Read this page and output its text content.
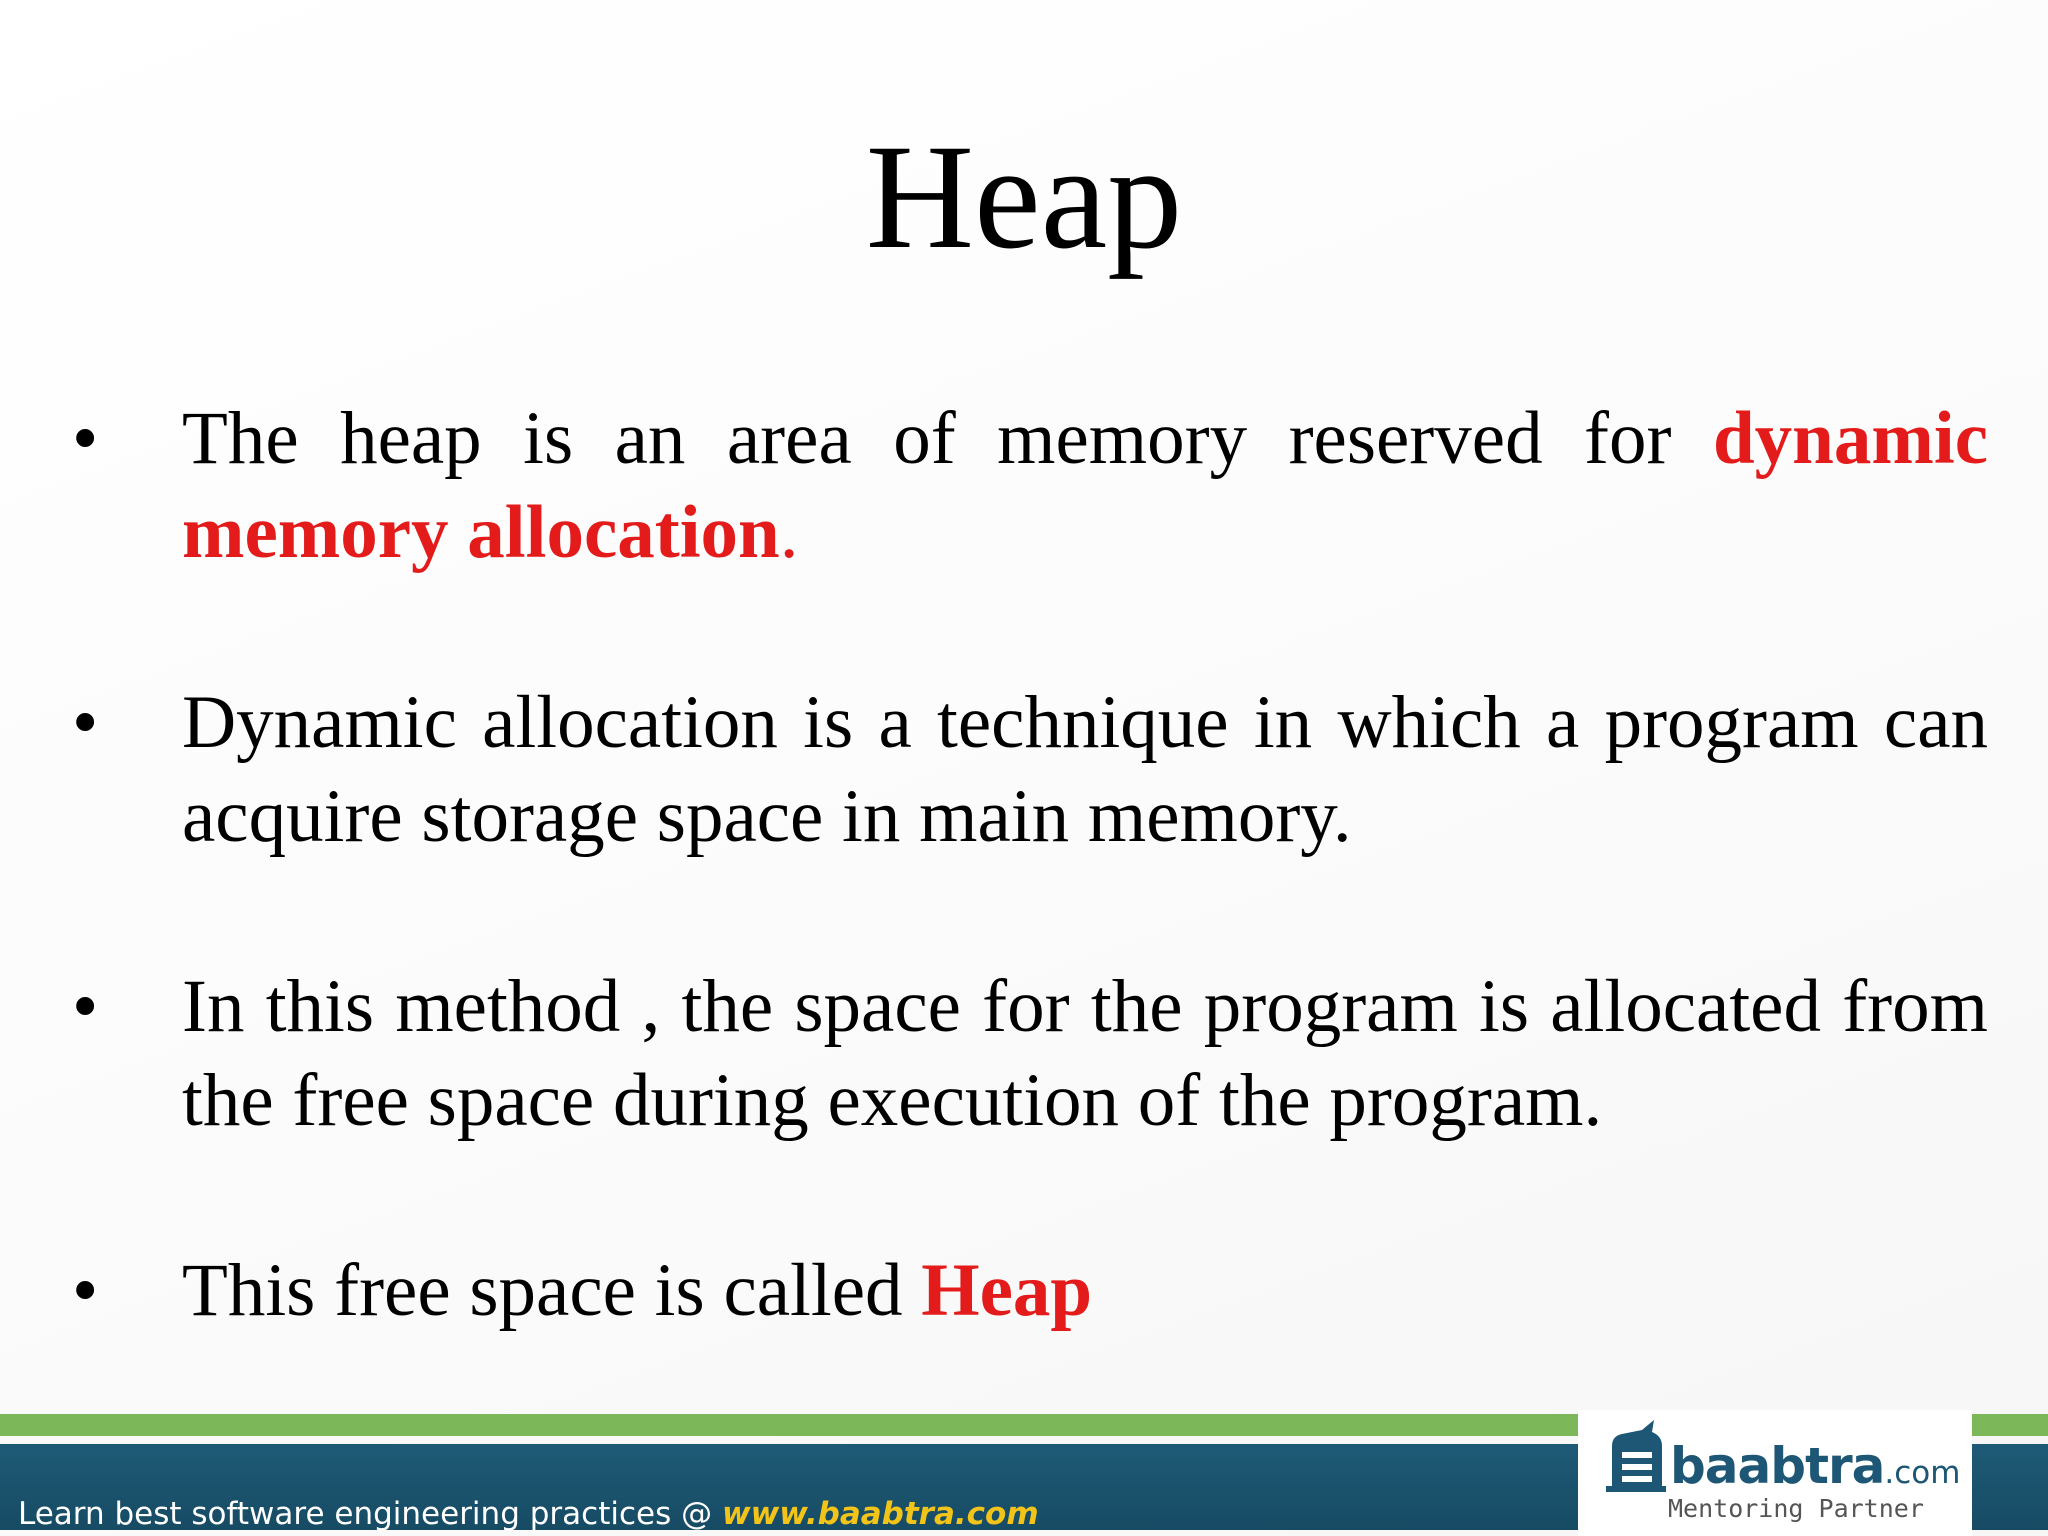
Heap
•	The heap is an area of memory reserved for dynamic memory allocation.
•	Dynamic allocation is a technique in which a program can acquire storage space in main memory.
•	In this method , the space for the program is allocated from the free space during execution of the program.
•	This free space is called Heap
Learn best software engineering practices @ www.baabtra.com
baabtra.com
Mentoring Partner
